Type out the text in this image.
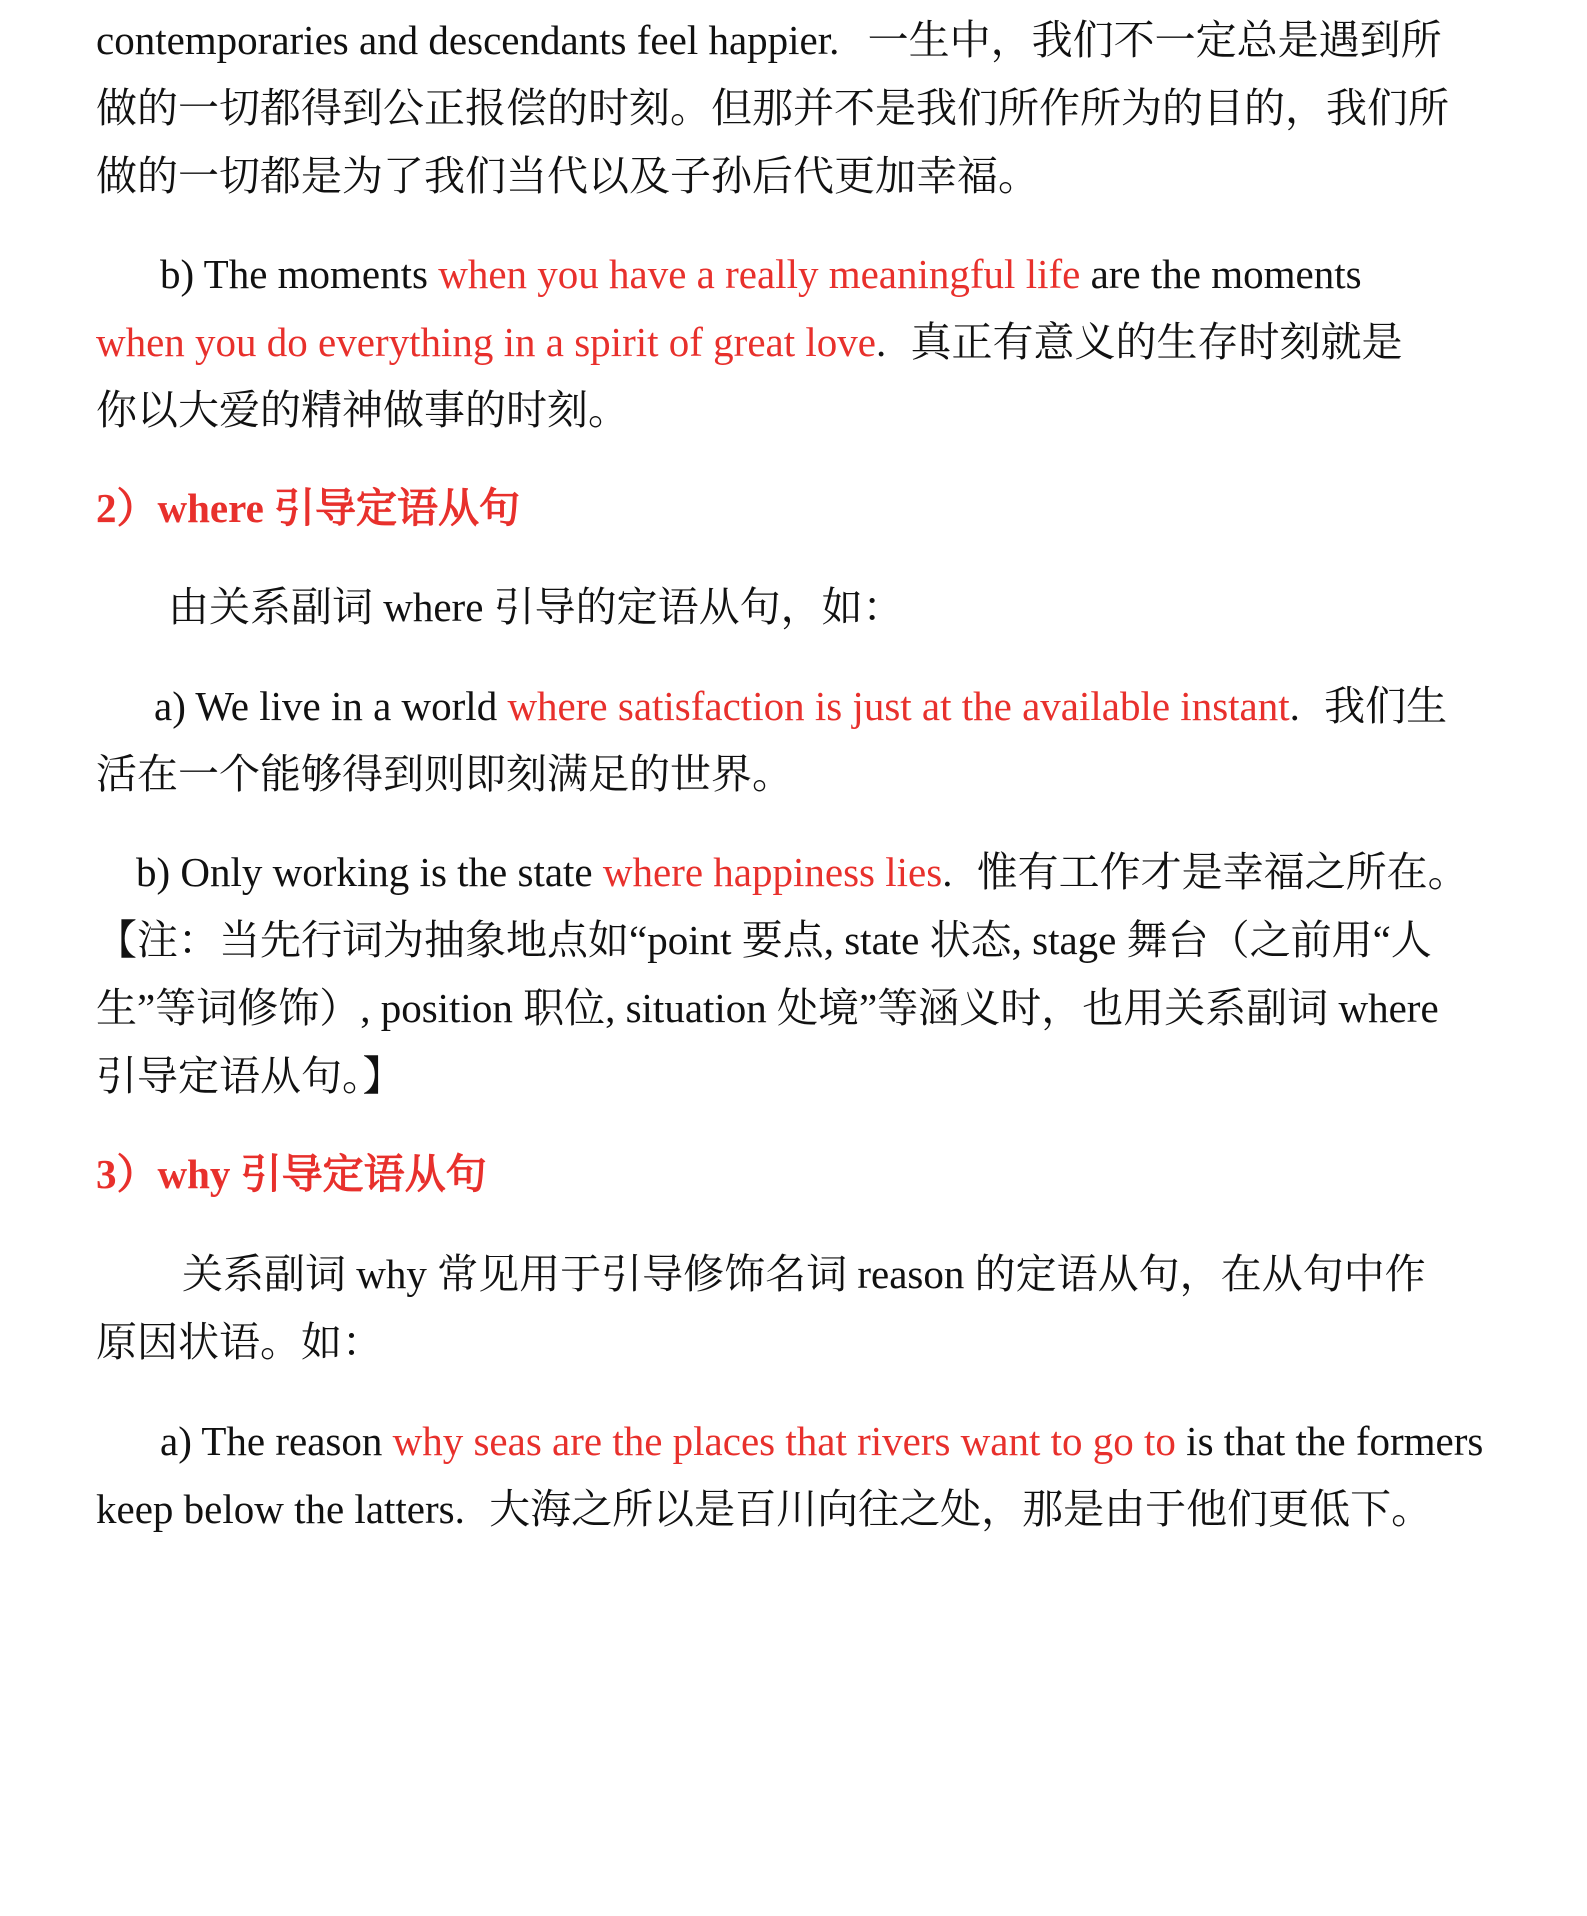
contemporaries and descendants feel happier. 一生中，我们不一定总是遇到所
做的一切都得到公正报偿的时刻。但那并不是我们所作所为的目的，我们所
做的一切都是为了我们当代以及子孙后代更加幸福。
b) The moments when you have a really meaningful life are the moments
when you do everything in a spirit of great love. 真正有意义的生存时刻就是
你以大爱的精神做事的时刻。
2）where 引导定语从句
由关系副词 where 引导的定语从句，如：
a) We live in a world where satisfaction is just at the available instant. 我们生
活在一个能够得到则即刻满足的世界。
b) Only working is the state where happiness lies. 惟有工作才是幸福之所在。
【注：当先行词为抽象地点如“point 要点, state 状态, stage 舞台（之前用“人
生”等词修饰）, position 职位, situation 处境”等涵义时，也用关系副词 where
引导定语从句。】
3）why 引导定语从句
关系副词 why 常见用于引导修饰名词 reason 的定语从句，在从句中作
原因状语。如：
a) The reason why seas are the places that rivers want to go to is that the formers
keep below the latters. 大海之所以是百川向往之处，那是由于他们更低下。
